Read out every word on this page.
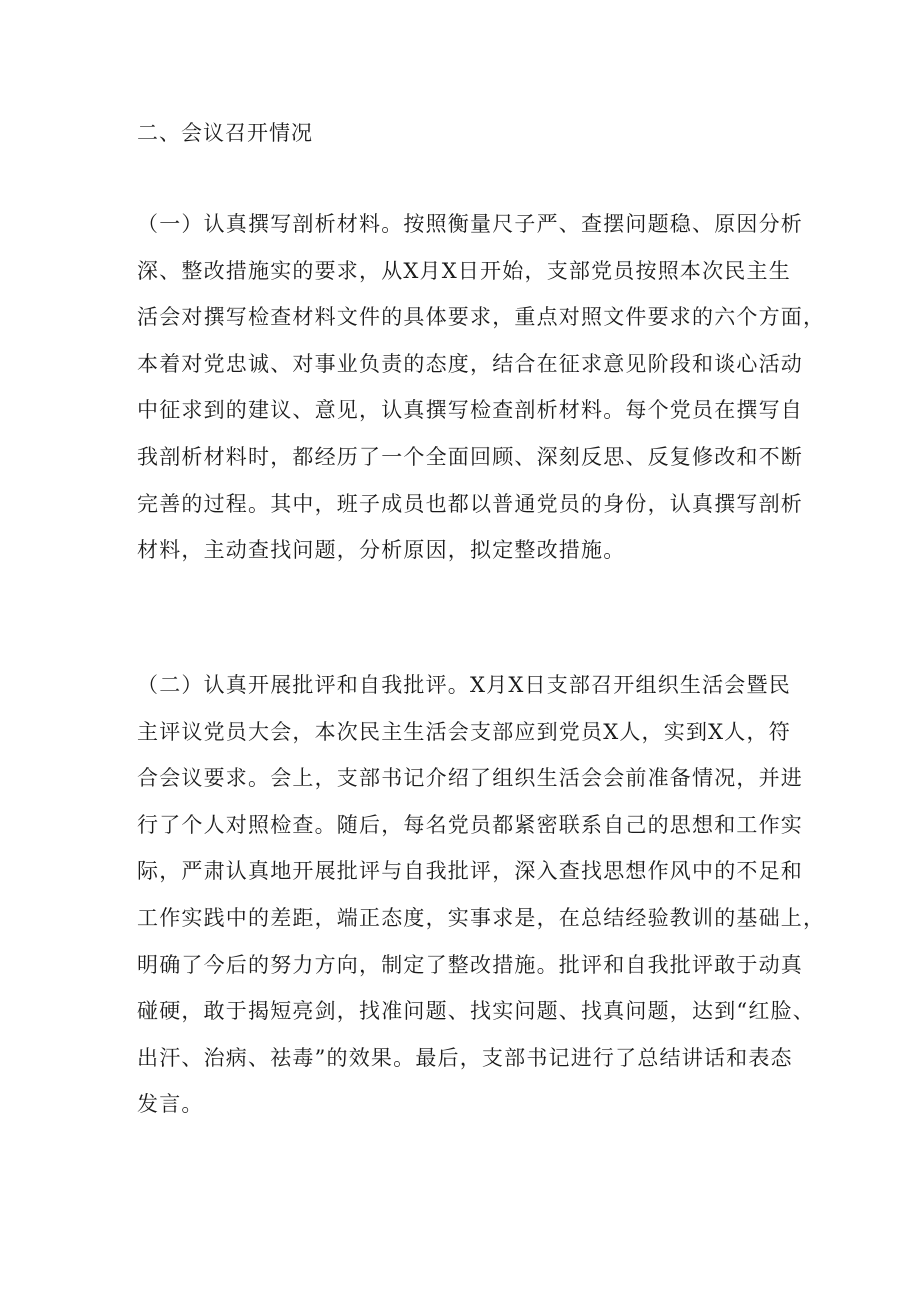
二、会议召开情况
（一）认真撰写剖析材料。按照衡量尺子严、查摆问题稳、原因分析
深、整改措施实的要求，从X月X日开始，支部党员按照本次民主生
活会对撰写检查材料文件的具体要求，重点对照文件要求的六个方面，
本着对党忠诚、对事业负责的态度，结合在征求意见阶段和谈心活动
中征求到的建议、意见，认真撰写检查剖析材料。每个党员在撰写自
我剖析材料时，都经历了一个全面回顾、深刻反思、反复修改和不断
完善的过程。其中，班子成员也都以普通党员的身份，认真撰写剖析
材料，主动查找问题，分析原因，拟定整改措施。
（二）认真开展批评和自我批评。X月X日支部召开组织生活会暨民
主评议党员大会，本次民主生活会支部应到党员X人，实到X人，符
合会议要求。会上，支部书记介绍了组织生活会会前准备情况，并进
行了个人对照检查。随后，每名党员都紧密联系自己的思想和工作实
际，严肃认真地开展批评与自我批评，深入查找思想作风中的不足和
工作实践中的差距，端正态度，实事求是，在总结经验教训的基础上，
明确了今后的努力方向，制定了整改措施。批评和自我批评敢于动真
碰硬，敢于揭短亮剑，找准问题、找实问题、找真问题，达到“红脸、
出汗、治病、祛毒”的效果。最后，支部书记进行了总结讲话和表态
发言。
